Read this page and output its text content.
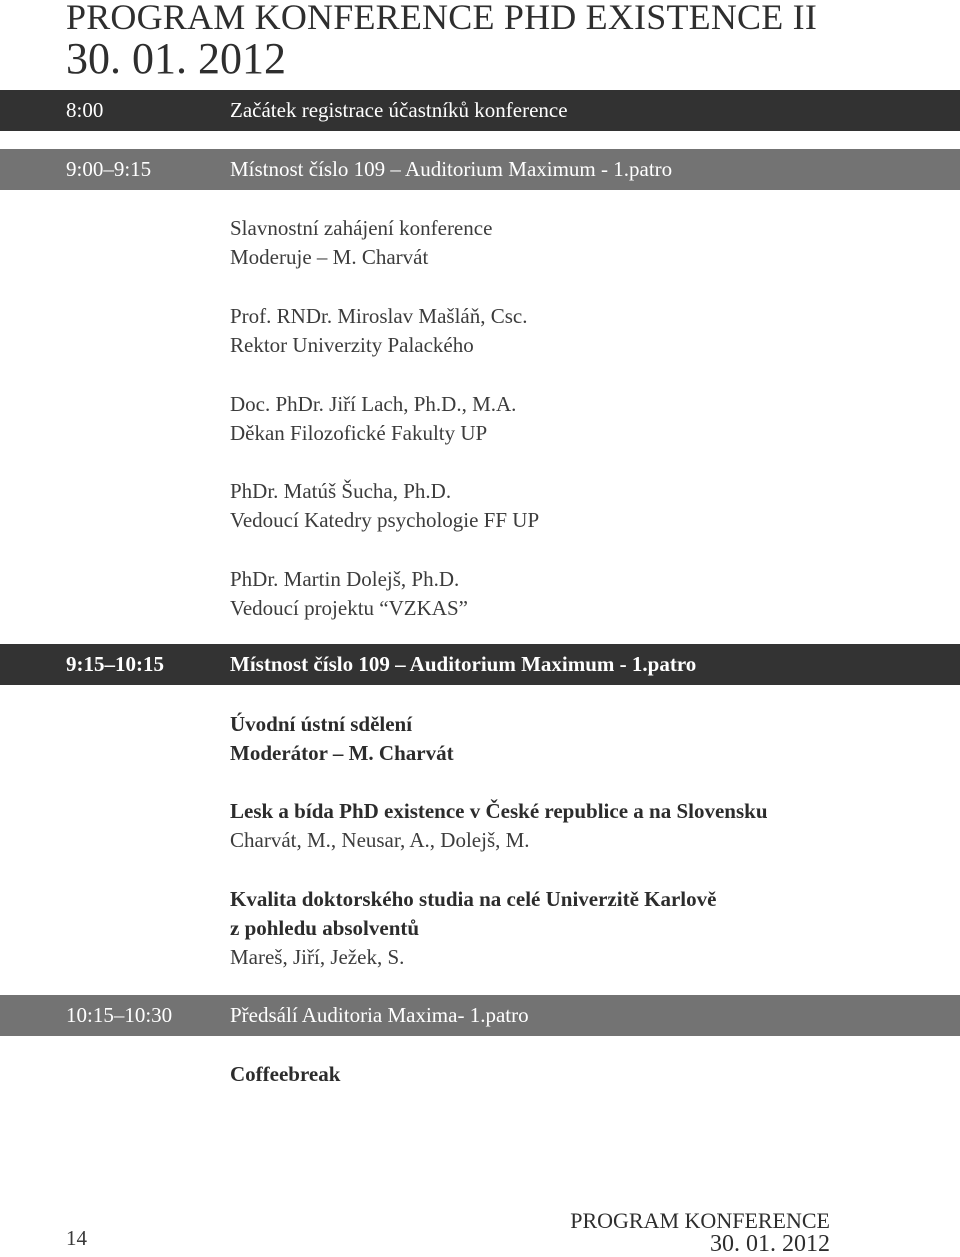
PROGRAM KONFERENCE PHD EXISTENCE II
30. 01. 2012
8:00	Začátek registrace účastníků konference
9:00–9:15	Místnost číslo 109 – Auditorium Maximum - 1.patro
Slavnostní zahájení konference
Moderuje – M. Charvát
Prof. RNDr. Miroslav Mašláň, Csc.
Rektor Univerzity Palackého
Doc. PhDr. Jiří Lach, Ph.D., M.A.
Děkan Filozofické Fakulty UP
PhDr. Matúš Šucha, Ph.D.
Vedoucí Katedry psychologie FF UP
PhDr. Martin Dolejš, Ph.D.
Vedoucí projektu “VZKAS”
9:15–10:15	Místnost číslo 109 – Auditorium Maximum - 1.patro
Úvodní ústní sdělení
Moderátor – M. Charvát
Lesk a bída PhD existence v České republice a na Slovensku
Charvát, M., Neusar, A., Dolejš, M.
Kvalita doktorského studia na celé Univerzitě Karlově
z pohledu absolventů
Mareš, Jiří, Ježek, S.
10:15–10:30	Předsálí Auditoria Maxima- 1.patro
Coffeebreak
14
PROGRAM KONFERENCE
30. 01. 2012
